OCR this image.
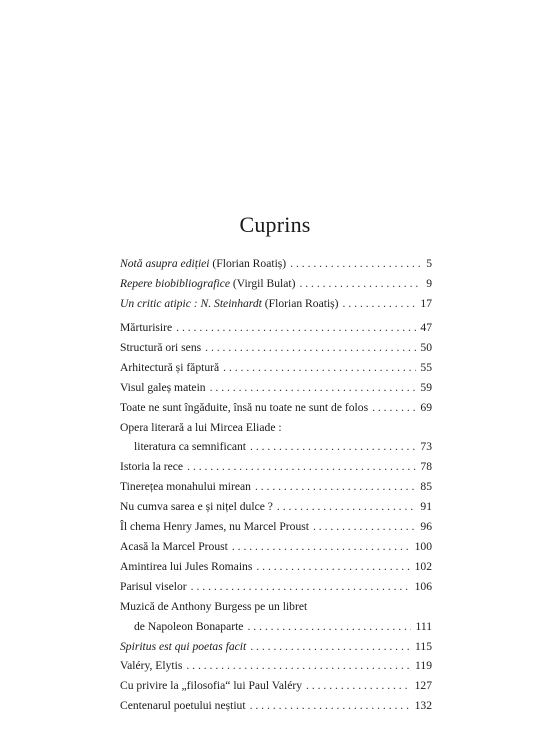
Cuprins
Notă asupra ediției (Florian Roatiș) . . .	5
Repere biobibliografice (Virgil Bulat) . . .	9
Un critic atipic : N. Steinhardt (Florian Roatiș) . . .	17
Mărturisire . . .	47
Structură ori sens . . .	50
Arhitectură și făptură . . .	55
Visul galeș matein . . .	59
Toate ne sunt îngăduite, însă nu toate ne sunt de folos . . .	69
Opera literară a lui Mircea Eliade :
literatura ca semnificant . . .	73
Istoria la rece . . .	78
Tinerețea monahului mirean . . .	85
Nu cumva sarea e și nițel dulce ? . . .	91
Îl chema Henry James, nu Marcel Proust . . .	96
Acasă la Marcel Proust . . .	100
Amintirea lui Jules Romains . . .	102
Parisul viselor . . .	106
Muzică de Anthony Burgess pe un libret
de Napoleon Bonaparte . . .	111
Spiritus est qui poetas facit . . .	115
Valéry, Elytis . . .	119
Cu privire la „filosofia“ lui Paul Valéry . . .	127
Centenarul poetului neștiut . . .	132
